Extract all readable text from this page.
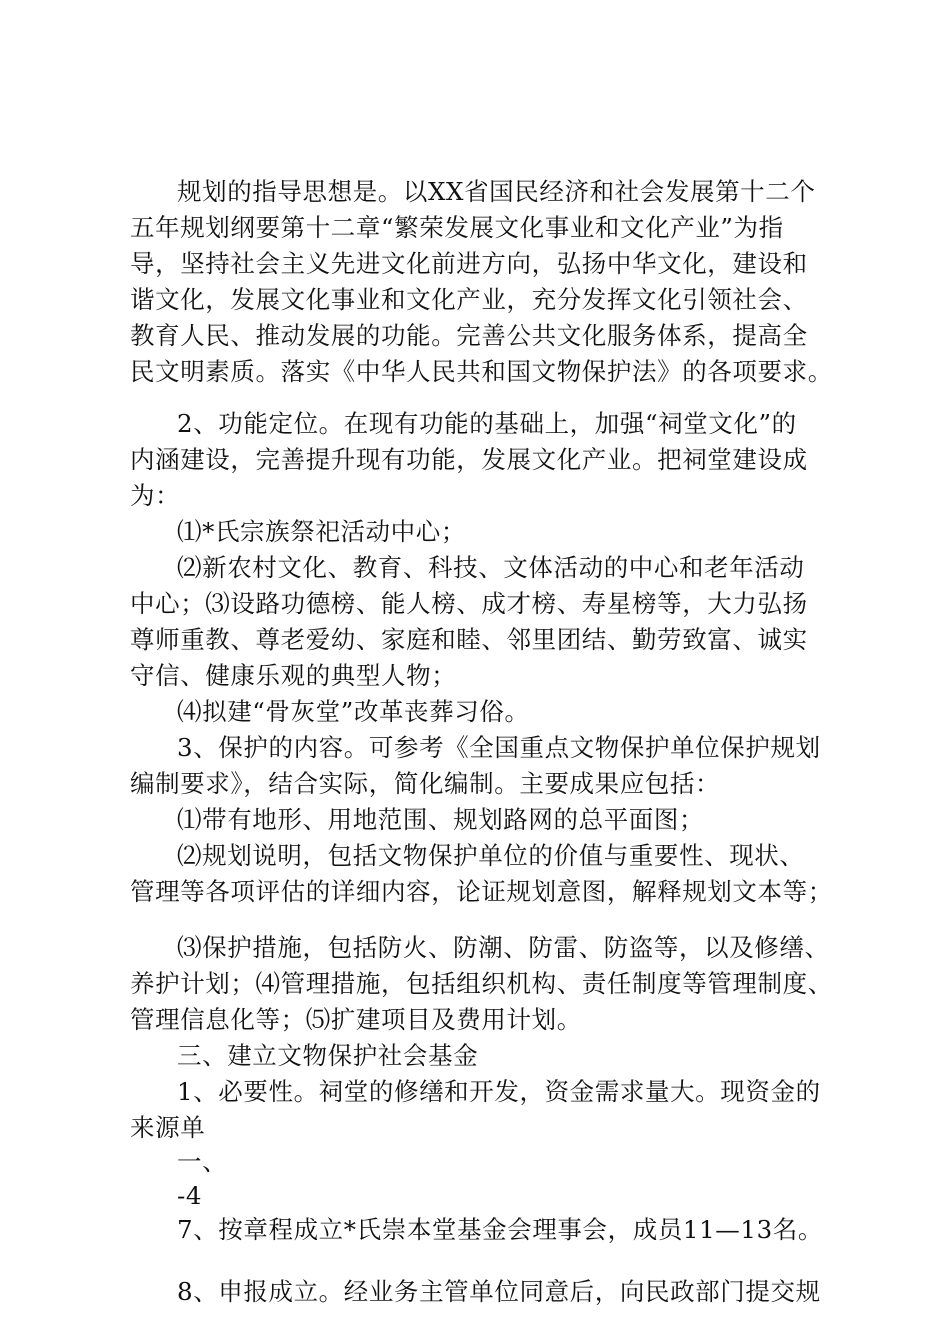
规划的指导思想是。以XX省国民经济和社会发展第十二个
五年规划纲要第十二章“繁荣发展文化事业和文化产业”为指
导，坚持社会主义先进文化前进方向，弘扬中华文化，建设和
谐文化，发展文化事业和文化产业，充分发挥文化引领社会、
教育人民、推动发展的功能。完善公共文化服务体系，提高全
民文明素质。落实《中华人民共和国文物保护法》的各项要求。
2、功能定位。在现有功能的基础上，加强“祠堂文化”的
内涵建设，完善提升现有功能，发展文化产业。把祠堂建设成
为：
⑴*氏宗族祭祀活动中心；
⑵新农村文化、教育、科技、文体活动的中心和老年活动
中心；⑶设路功德榜、能人榜、成才榜、寿星榜等，大力弘扬
尊师重教、尊老爱幼、家庭和睦、邻里团结、勤劳致富、诚实
守信、健康乐观的典型人物；
⑷拟建“骨灰堂”改革丧葬习俗。
3、保护的内容。可参考《全国重点文物保护单位保护规划
编制要求》，结合实际，简化编制。主要成果应包括：
⑴带有地形、用地范围、规划路网的总平面图；
⑵规划说明，包括文物保护单位的价值与重要性、现状、
管理等各项评估的详细内容，论证规划意图，解释规划文本等；
⑶保护措施，包括防火、防潮、防雷、防盗等，以及修缮、
养护计划；⑷管理措施，包括组织机构、责任制度等管理制度、
管理信息化等；⑸扩建项目及费用计划。
三、建立文物保护社会基金
1、必要性。祠堂的修缮和开发，资金需求量大。现资金的
来源单
一、
-4
7、按章程成立*氏崇本堂基金会理事会，成员11—13名。
8、申报成立。经业务主管单位同意后，向民政部门提交规
